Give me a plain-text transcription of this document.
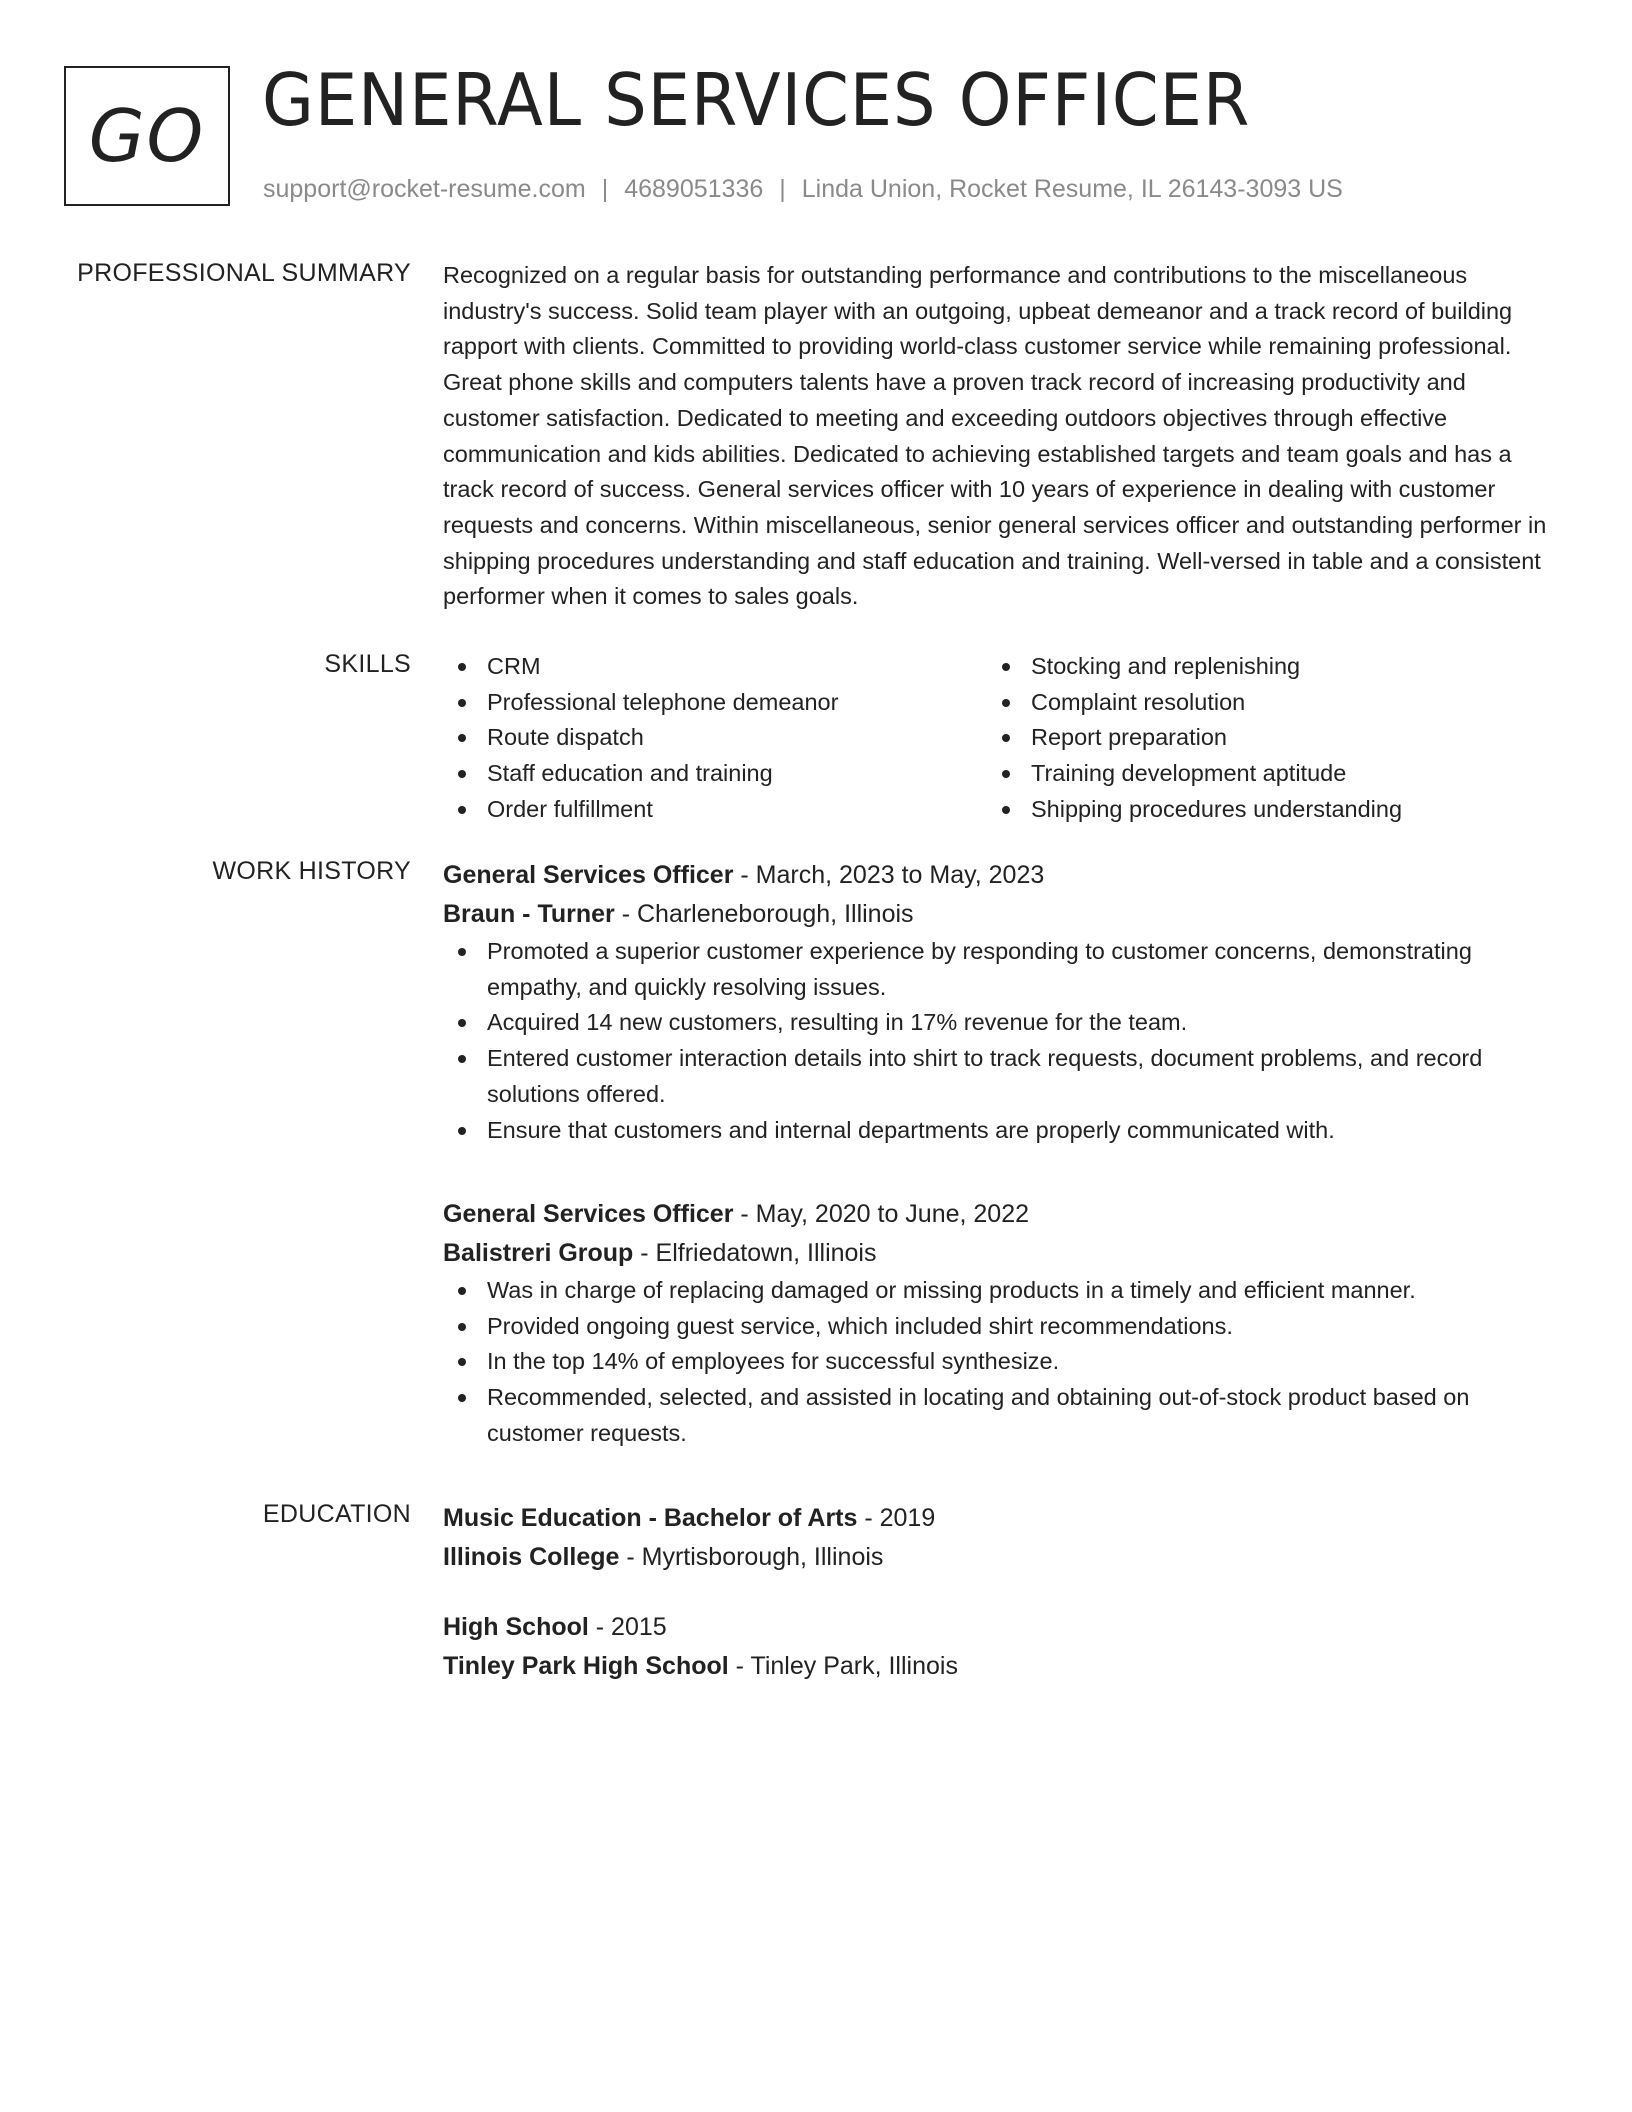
GO GENERAL SERVICES OFFICER
support@rocket-resume.com | 4689051336 | Linda Union, Rocket Resume, IL 26143-3093 US
PROFESSIONAL SUMMARY Recognized on a regular basis for outstanding performance and contributions to the miscellaneous industry's success. Solid team player with an outgoing, upbeat demeanor and a track record of building rapport with clients. Committed to providing world-class customer service while remaining professional. Great phone skills and computers talents have a proven track record of increasing productivity and customer satisfaction. Dedicated to meeting and exceeding outdoors objectives through effective communication and kids abilities. Dedicated to achieving established targets and team goals and has a track record of success. General services officer with 10 years of experience in dealing with customer requests and concerns. Within miscellaneous, senior general services officer and outstanding performer in shipping procedures understanding and staff education and training. Well-versed in table and a consistent performer when it comes to sales goals.

SKILLS	CRM
Professional telephone demeanor
Route dispatch
Staff education and training
Order fulfillment
Stocking and replenishing
Complaint resolution
Report preparation
Training development aptitude
Shipping procedures understanding
WORK HISTORY General Services Officer - March, 2023 to May, 2023
Braun - Turner - Charleneborough, Illinois
Promoted a superior customer experience by responding to customer concerns, demonstrating empathy, and quickly resolving issues.
Acquired 14 new customers, resulting in 17% revenue for the team.
Entered customer interaction details into shirt to track requests, document problems, and record solutions offered.
Ensure that customers and internal departments are properly communicated with.
General Services Officer - May, 2020 to June, 2022
Balistreri Group - Elfriedatown, Illinois
Was in charge of replacing damaged or missing products in a timely and efficient manner.
Provided ongoing guest service, which included shirt recommendations.
In the top 14% of employees for successful synthesize.
Recommended, selected, and assisted in locating and obtaining out-of-stock product based on customer requests.
EDUCATION Music Education - Bachelor of Arts - 2019
Illinois College - Myrtisborough, Illinois
High School - 2015
Tinley Park High School - Tinley Park, Illinois
